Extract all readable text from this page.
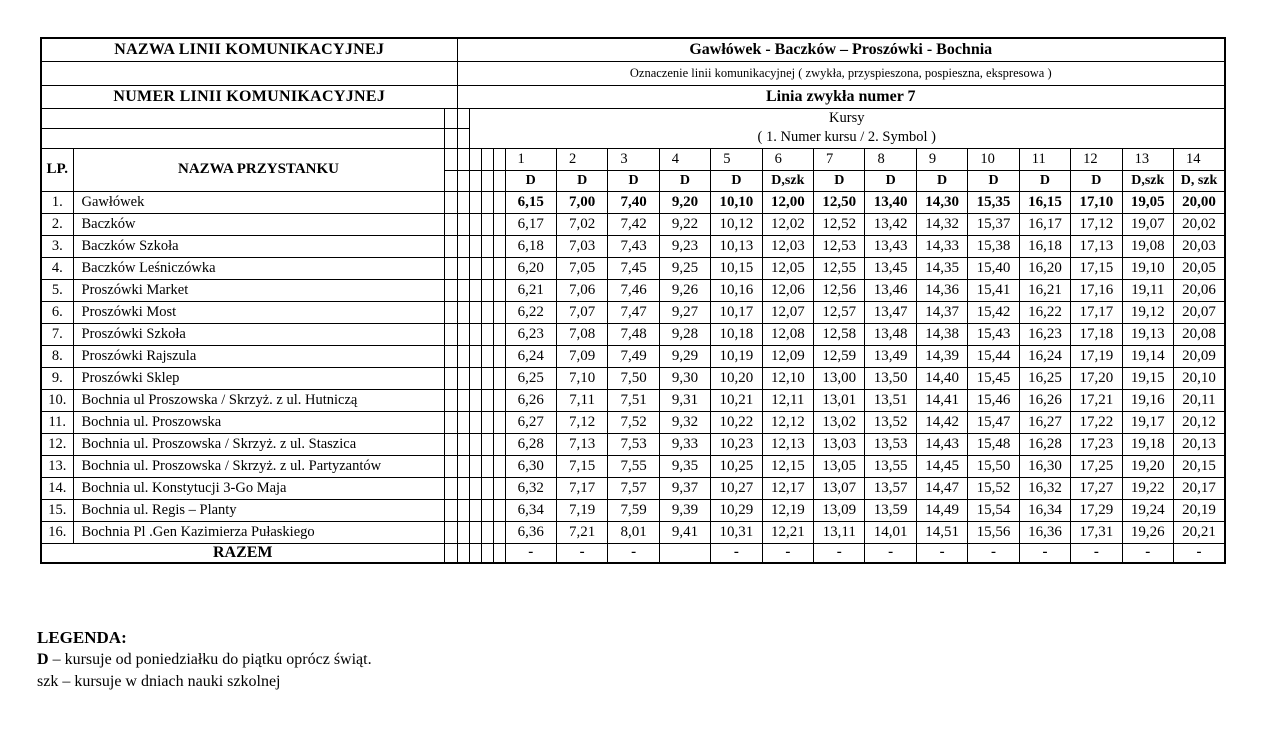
NAZWA LINII KOMUNIKACYJNEJ			Gawłówek - Baczków – Proszówki - Bochnia																	
			Oznaczenie linii komunikacyjnej ( zwykła, przyspieszona, pospieszna, ekspresowa )																	
NUMER LINII KOMUNIKACYJNEJ			Linia zwykła numer 7																	

				Kursy
( 1. Numer kursu / 2. Symbol )																

LP.	NAZWA PRZYSTANKU						1	2	3	4	5	6	7	8	9	10	11	12	13	14
							D	D	D	D	D	D,szk	D	D	D	D	D	D	D,szk	D, szk
1.	Gawłówek						6,15	7,00	7,40	9,20	10,10	12,00	12,50	13,40	14,30	15,35	16,15	17,10	19,05	20,00
2.	Baczków						6,17	7,02	7,42	9,22	10,12	12,02	12,52	13,42	14,32	15,37	16,17	17,12	19,07	20,02
3.	Baczków Szkoła						6,18	7,03	7,43	9,23	10,13	12,03	12,53	13,43	14,33	15,38	16,18	17,13	19,08	20,03
4.	Baczków Leśniczówka						6,20	7,05	7,45	9,25	10,15	12,05	12,55	13,45	14,35	15,40	16,20	17,15	19,10	20,05
5.	Proszówki Market						6,21	7,06	7,46	9,26	10,16	12,06	12,56	13,46	14,36	15,41	16,21	17,16	19,11	20,06
6.	Proszówki Most						6,22	7,07	7,47	9,27	10,17	12,07	12,57	13,47	14,37	15,42	16,22	17,17	19,12	20,07
7.	Proszówki Szkoła						6,23	7,08	7,48	9,28	10,18	12,08	12,58	13,48	14,38	15,43	16,23	17,18	19,13	20,08
8.	Proszówki Rajszula						6,24	7,09	7,49	9,29	10,19	12,09	12,59	13,49	14,39	15,44	16,24	17,19	19,14	20,09
9.	Proszówki Sklep						6,25	7,10	7,50	9,30	10,20	12,10	13,00	13,50	14,40	15,45	16,25	17,20	19,15	20,10
10.	Bochnia ul Proszowska / Skrzyż. z ul. Hutniczą						6,26	7,11	7,51	9,31	10,21	12,11	13,01	13,51	14,41	15,46	16,26	17,21	19,16	20,11
11.	Bochnia ul. Proszowska						6,27	7,12	7,52	9,32	10,22	12,12	13,02	13,52	14,42	15,47	16,27	17,22	19,17	20,12
12.	Bochnia ul. Proszowska / Skrzyż. z ul. Staszica						6,28	7,13	7,53	9,33	10,23	12,13	13,03	13,53	14,43	15,48	16,28	17,23	19,18	20,13
13.	Bochnia ul. Proszowska / Skrzyż. z ul. Partyzantów						6,30	7,15	7,55	9,35	10,25	12,15	13,05	13,55	14,45	15,50	16,30	17,25	19,20	20,15
14.	Bochnia ul. Konstytucji 3-Go Maja						6,32	7,17	7,57	9,37	10,27	12,17	13,07	13,57	14,47	15,52	16,32	17,27	19,22	20,17
15.	Bochnia ul. Regis – Planty						6,34	7,19	7,59	9,39	10,29	12,19	13,09	13,59	14,49	15,54	16,34	17,29	19,24	20,19
16.	Bochnia Pl .Gen Kazimierza Pułaskiego						6,36	7,21	8,01	9,41	10,31	12,21	13,11	14,01	14,51	15,56	16,36	17,31	19,26	20,21
RAZEM							-	-	-		-	-	-	-	-	-	-	-	-	-
LEGENDA:
D – kursuje od poniedziałku do piątku oprócz świąt.
szk – kursuje w dniach nauki szkolnej
